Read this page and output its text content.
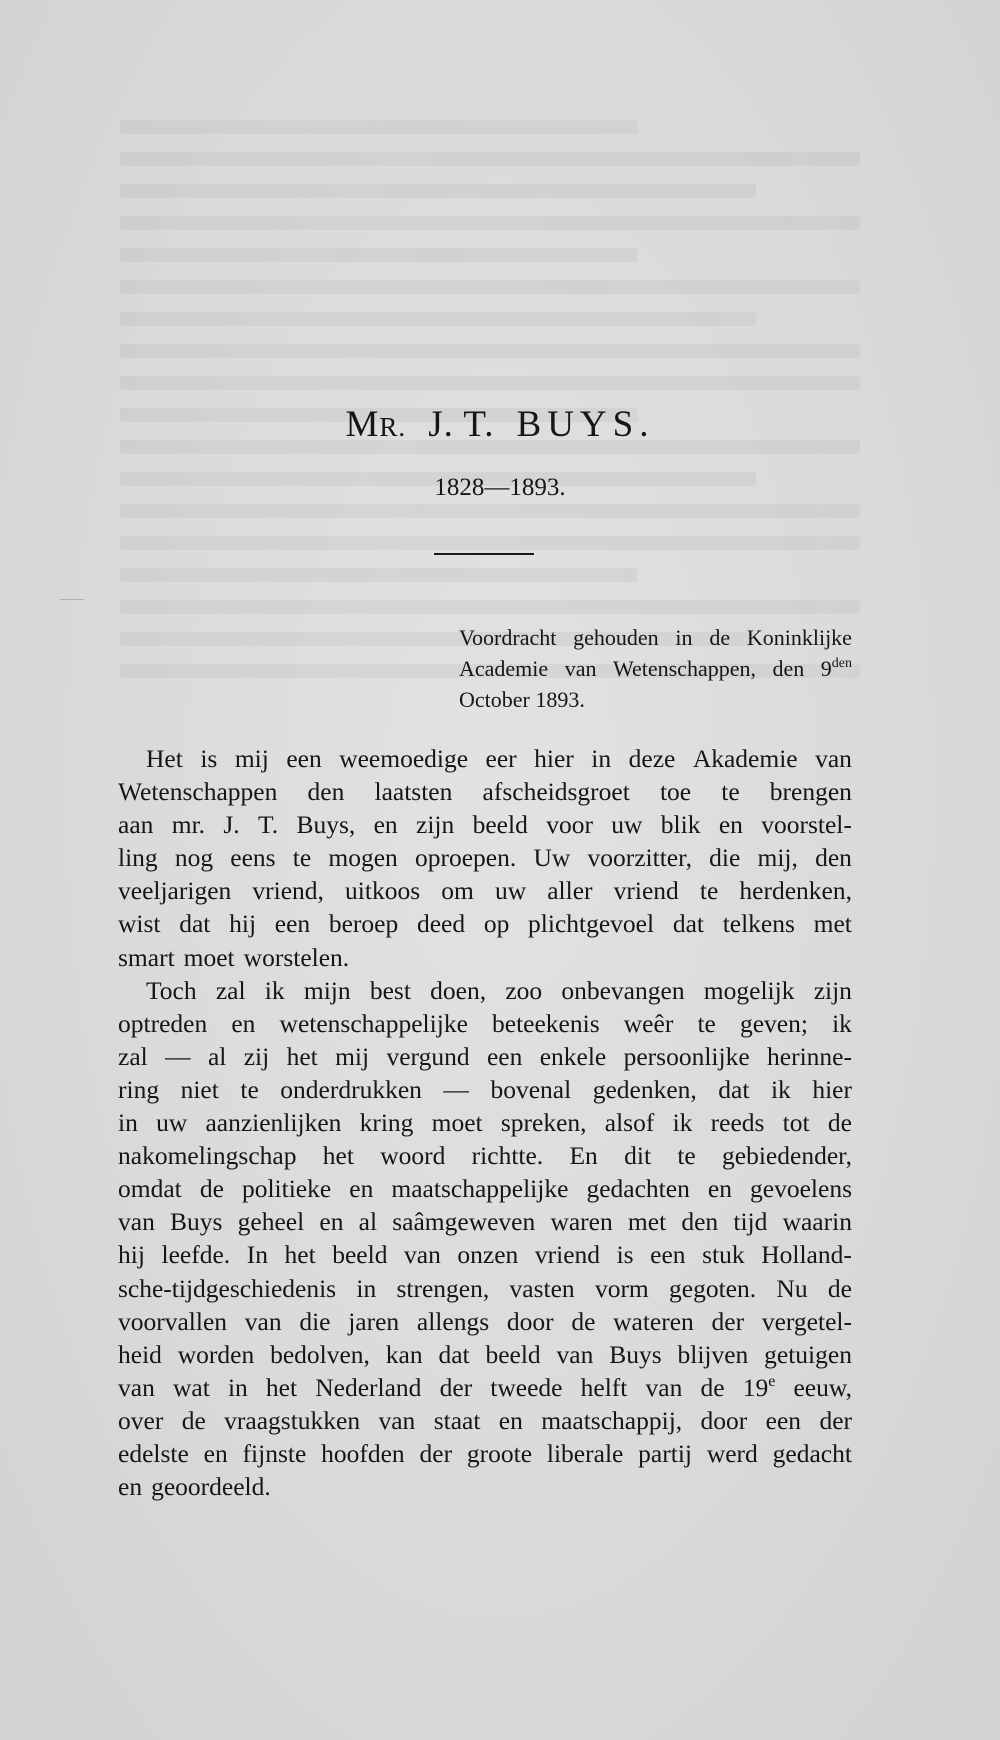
MR. J. T. BUYS.
1828—1893.
Voordracht gehouden in de Koninklijke
Academie van Wetenschappen, den $9^{den}$
October 1893.
Het is mij een weemoedige eer hier in deze Akademie van
Wetenschappen den laatsten afscheidsgroet toe te brengen
aan mr. J. T. Buys, en zijn beeld voor uw blik en voorstel-
ling nog eens te mogen oproepen. Uw voorzitter, die mij, den
veeljarigen vriend, uitkoos om uw aller vriend te herdenken,
wist dat hij een beroep deed op plichtgevoel dat telkens met
smart moet worstelen.
Toch zal ik mijn best doen, zoo onbevangen mogelijk zijn
optreden en wetenschappelijke beteekenis weêr te geven; ik
zal — al zij het mij vergund een enkele persoonlijke herinne-
ring niet te onderdrukken — bovenal gedenken, dat ik hier
in uw aanzienlijken kring moet spreken, alsof ik reeds tot de
nakomelingschap het woord richtte. En dit te gebiedender,
omdat de politieke en maatschappelijke gedachten en gevoelens
van Buys geheel en al saâmgeweven waren met den tijd waarin
hij leefde. In het beeld van onzen vriend is een stuk Holland-
sche-tijdgeschiedenis in strengen, vasten vorm gegoten. Nu de
voorvallen van die jaren allengs door de wateren der vergetel-
heid worden bedolven, kan dat beeld van Buys blijven getuigen
van wat in het Nederland der tweede helft van de 19e eeuw,
over de vraagstukken van staat en maatschappij, door een der
edelste en fijnste hoofden der groote liberale partij werd gedacht
en geoordeeld.
